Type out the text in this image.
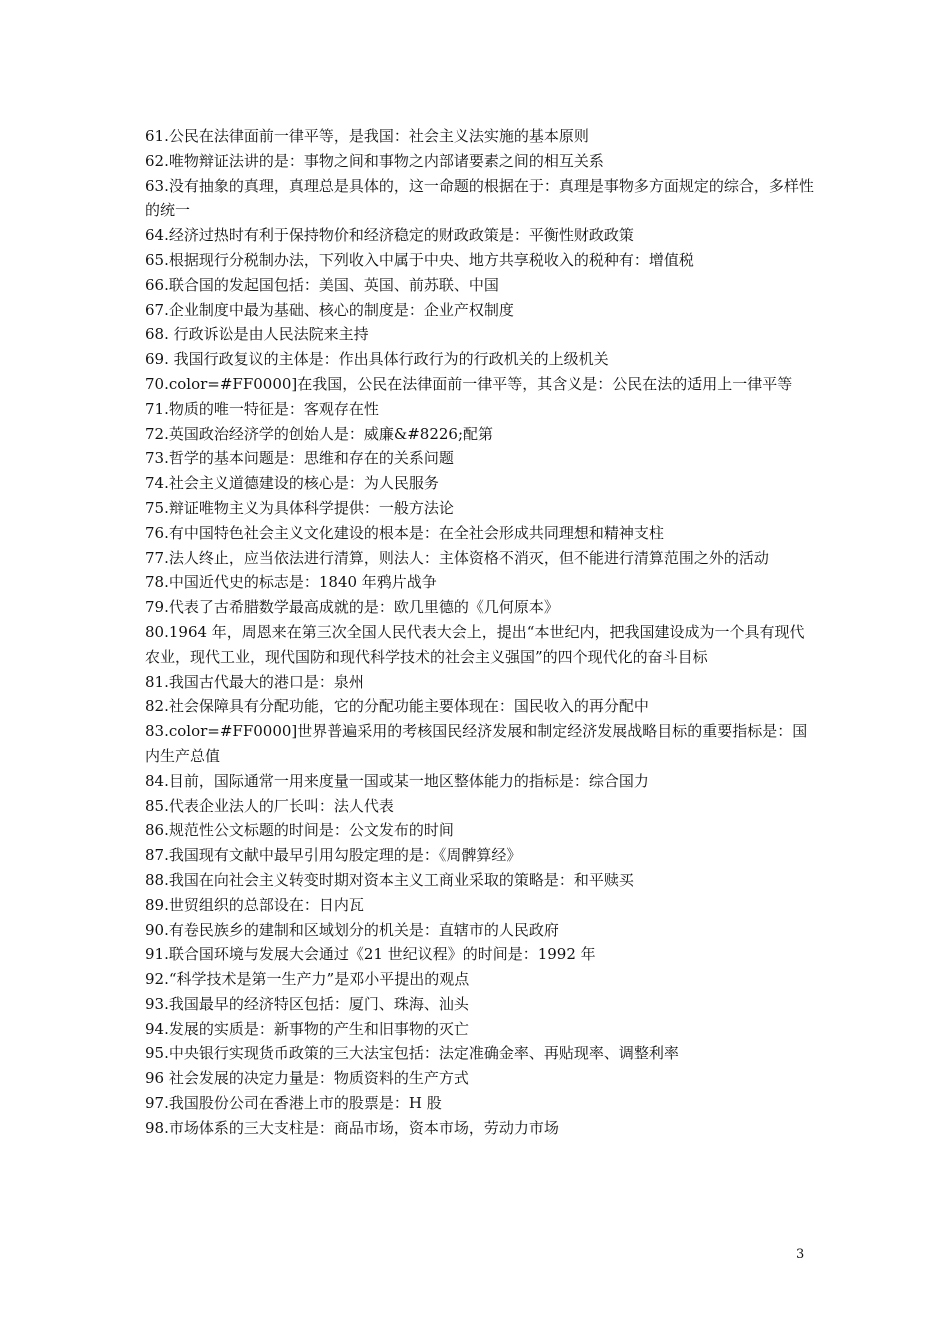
61.公民在法律面前一律平等，是我国：社会主义法实施的基本原则
62.唯物辩证法讲的是：事物之间和事物之内部诸要素之间的相互关系
63.没有抽象的真理，真理总是具体的，这一命题的根据在于：真理是事物多方面规定的综合，多样性的统一
64.经济过热时有利于保持物价和经济稳定的财政政策是：平衡性财政政策
65.根据现行分税制办法，下列收入中属于中央、地方共享税收入的税种有：增值税
66.联合国的发起国包括：美国、英国、前苏联、中国
67.企业制度中最为基础、核心的制度是：企业产权制度
68. 行政诉讼是由人民法院来主持
69. 我国行政复议的主体是：作出具体行政行为的行政机关的上级机关
70.color=#FF0000]在我国，公民在法律面前一律平等，其含义是：公民在法的适用上一律平等
71.物质的唯一特征是：客观存在性
72.英国政治经济学的创始人是：威廉&#8226;配第
73.哲学的基本问题是：思维和存在的关系问题
74.社会主义道德建设的核心是：为人民服务
75.辩证唯物主义为具体科学提供：一般方法论
76.有中国特色社会主义文化建设的根本是：在全社会形成共同理想和精神支柱
77.法人终止，应当依法进行清算，则法人：主体资格不消灭，但不能进行清算范围之外的活动
78.中国近代史的标志是：1840 年鸦片战争
79.代表了古希腊数学最高成就的是：欧几里德的《几何原本》
80.1964 年，周恩来在第三次全国人民代表大会上，提出“本世纪内，把我国建设成为一个具有现代农业，现代工业，现代国防和现代科学技术的社会主义强国”的四个现代化的奋斗目标
81.我国古代最大的港口是：泉州
82.社会保障具有分配功能，它的分配功能主要体现在：国民收入的再分配中
83.color=#FF0000]世界普遍采用的考核国民经济发展和制定经济发展战略目标的重要指标是：国内生产总值
84.目前，国际通常一用来度量一国或某一地区整体能力的指标是：综合国力
85.代表企业法人的厂长叫：法人代表
86.规范性公文标题的时间是：公文发布的时间
87.我国现有文献中最早引用勾股定理的是：《周髀算经》
88.我国在向社会主义转变时期对资本主义工商业采取的策略是：和平赎买
89.世贸组织的总部设在：日内瓦
90.有卷民族乡的建制和区域划分的机关是：直辖市的人民政府
91.联合国环境与发展大会通过《21 世纪议程》的时间是：1992 年
92.“科学技术是第一生产力”是邓小平提出的观点
93.我国最早的经济特区包括：厦门、珠海、汕头
94.发展的实质是：新事物的产生和旧事物的灭亡
95.中央银行实现货币政策的三大法宝包括：法定准确金率、再贴现率、调整利率
96 社会发展的决定力量是：物质资料的生产方式
97.我国股份公司在香港上市的股票是：H 股
98.市场体系的三大支柱是：商品市场，资本市场，劳动力市场
3
